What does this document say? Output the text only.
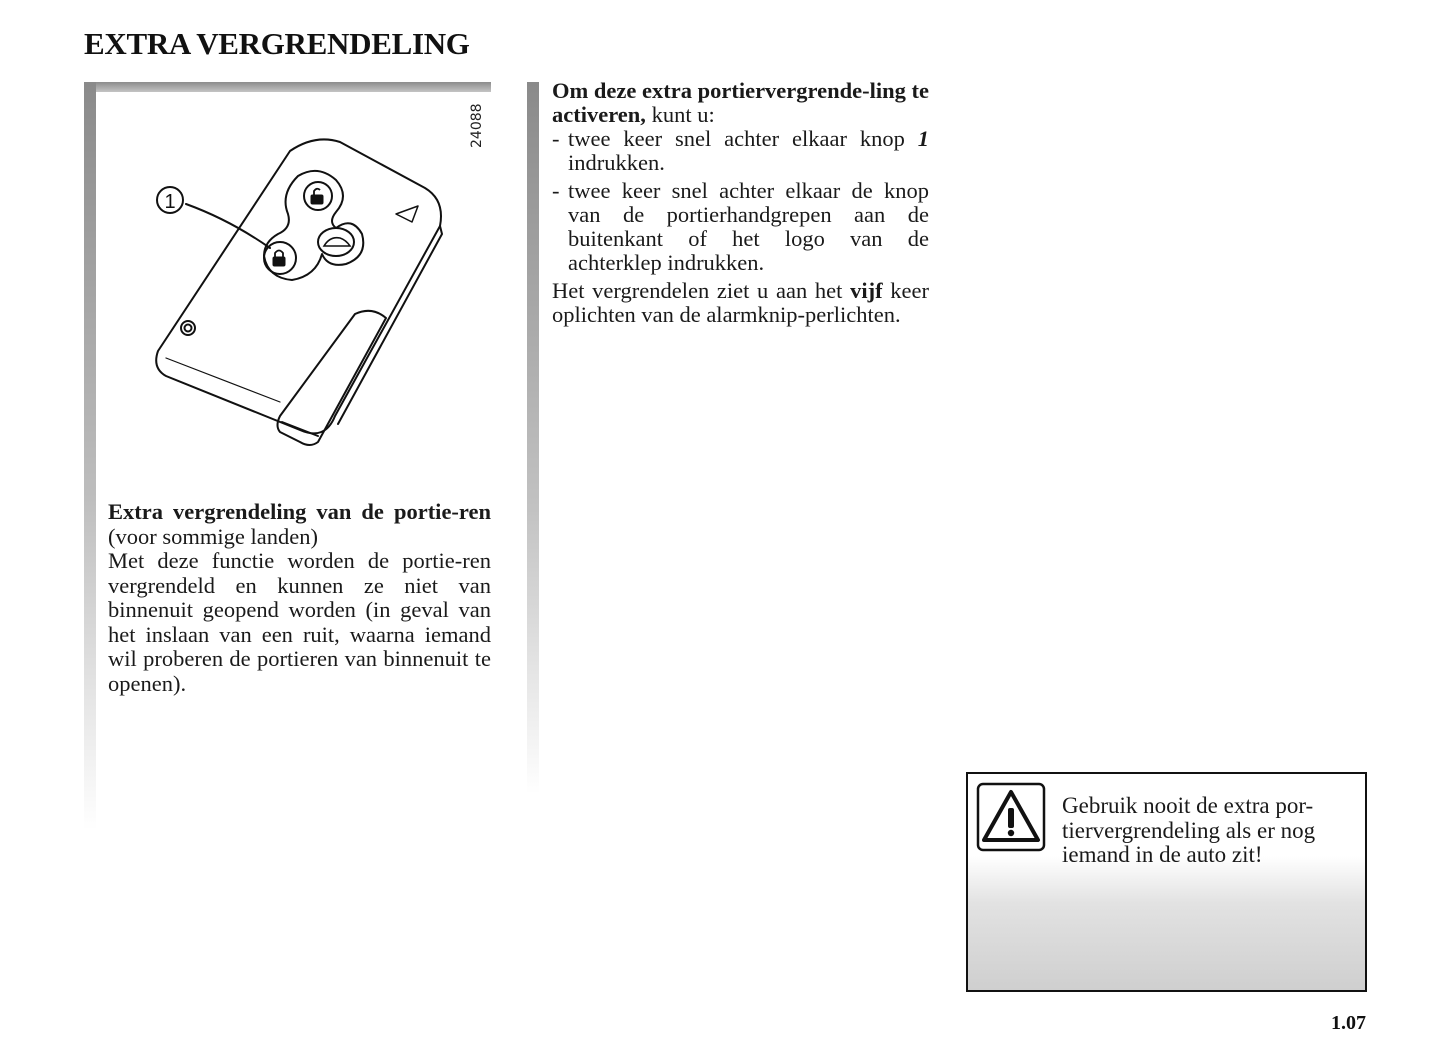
EXTRA VERGRENDELING
24088
1

Extra vergrendeling van de portie-ren (voor sommige landen)

Met deze functie worden de portie-ren vergrendeld en kunnen ze niet van binnenuit geopend worden (in geval van het inslaan van een ruit, waarna iemand wil proberen de portieren van binnenuit te openen).

Om deze extra portiervergrende-ling te activeren, kunt u:

- twee keer snel achter elkaar knop 1 indrukken.
- twee keer snel achter elkaar de knop van de portierhandgrepen aan de buitenkant of het logo van de achterklep indrukken.

Het vergrendelen ziet u aan het vijf keer oplichten van de alarmknip-perlichten.

Gebruik nooit de extra por-tiervergrendeling als er nog iemand in de auto zit!
1.07
